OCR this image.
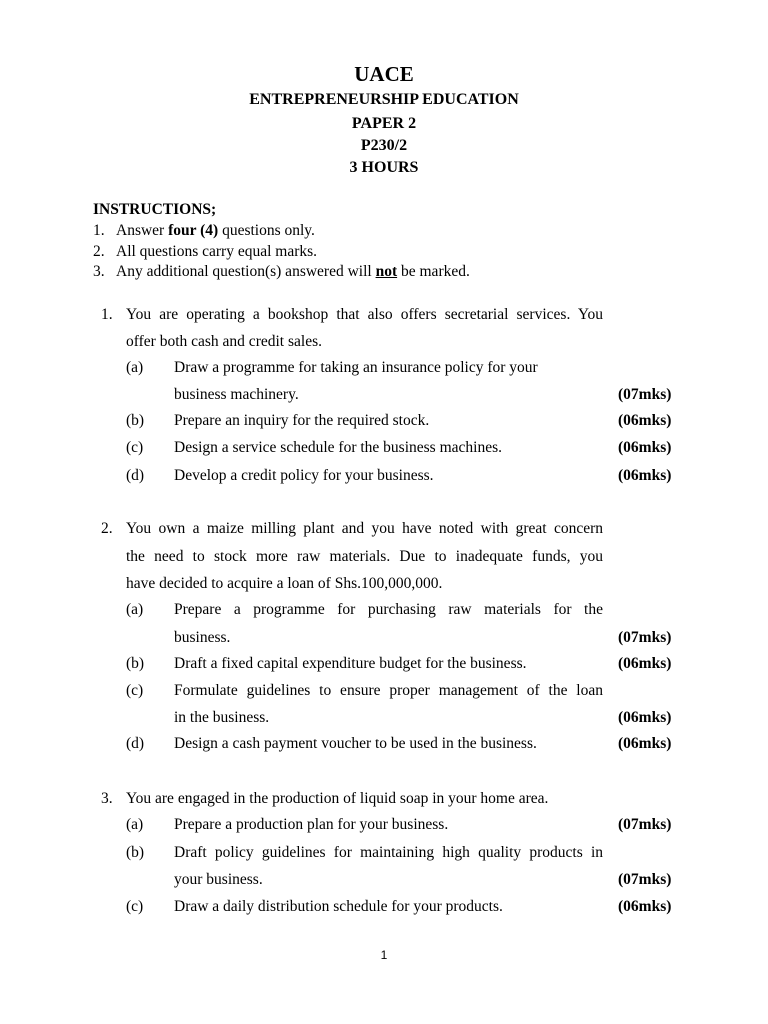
UACE
ENTREPRENEURSHIP EDUCATION
PAPER 2
P230/2
3 HOURS
INSTRUCTIONS;
1. Answer four (4) questions only.
2. All questions carry equal marks.
3. Any additional question(s) answered will not be marked.
1. You are operating a bookshop that also offers secretarial services. You
offer both cash and credit sales.
(a) Draw a programme for taking an insurance policy for your
business machinery.	(07mks)
(b) Prepare an inquiry for the required stock.	(06mks)
(c) Design a service schedule for the business machines.	(06mks)
(d) Develop a credit policy for your business.	(06mks)
2. You own a maize milling plant and you have noted with great concern
the need to stock more raw materials. Due to inadequate funds, you
have decided to acquire a loan of Shs.100,000,000.
(a) Prepare a programme for purchasing raw materials for the
business.	(07mks)
(b) Draft a fixed capital expenditure budget for the business.	(06mks)
(c) Formulate guidelines to ensure proper management of the loan
in the business.	(06mks)
(d) Design a cash payment voucher to be used in the business.	(06mks)
3. You are engaged in the production of liquid soap in your home area.
(a) Prepare a production plan for your business.	(07mks)
(b) Draft policy guidelines for maintaining high quality products in
your business.	(07mks)
(c) Draw a daily distribution schedule for your products.	(06mks)
1
